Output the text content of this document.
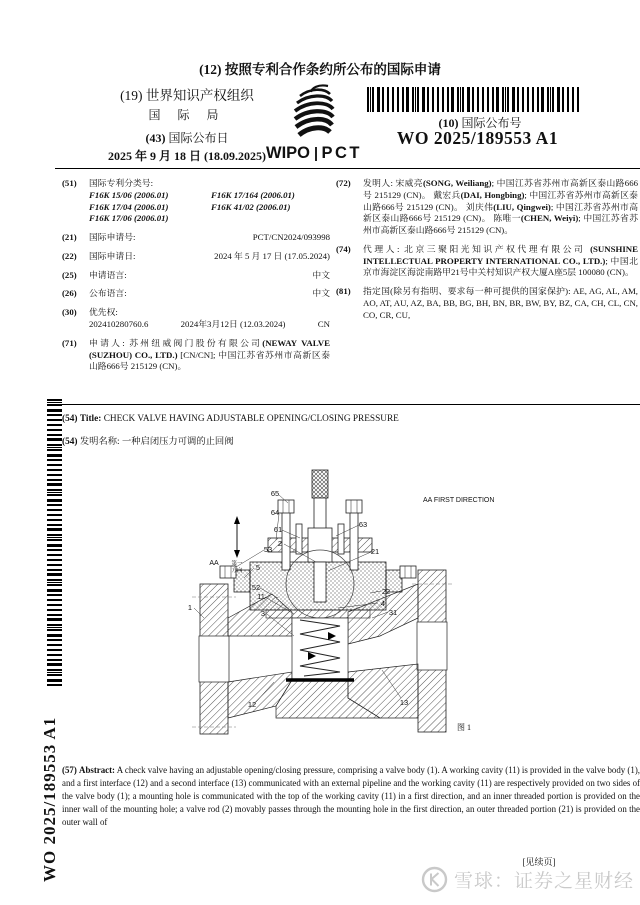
(12) 按照专利合作条约所公布的国际申请
(19) 世界知识产权组织
国 际 局
(43) 国际公布日
2025 年 9 月 18 日 (18.09.2025) WIPO PCT
(10) 国际公布号
WO 2025/189553 A1
(51)	国际专利分类号:
F16K 15/06 (2006.01)	F16K 17/164 (2006.01)
F16K 17/04 (2006.01)	F16K 41/02 (2006.01)
F16K 17/06 (2006.01)
(21)	国际申请号:	PCT/CN2024/093998
(22)	国际申请日:	2024 年 5 月 17 日 (17.05.2024)
(25)	申请语言:	中文
(26)	公布语言:	中文
(30)	优先权:
202410280760.6	2024年3月12日 (12.03.2024)	CN
(71)	申请人: 苏州纽威阀门股份有限公司(NEWAY VALVE (SUZHOU) CO., LTD.) [CN/CN]; 中国江苏省苏州市高新区泰山路666号 215129 (CN)。
(72)	发明人: 宋威亮(SONG, Weiliang); 中国江苏省苏州市高新区泰山路666号 215129 (CN)。 戴宏兵(DAI, Hongbing); 中国江苏省苏州市高新区泰山路666号 215129 (CN)。 刘庆伟(LIU, Qingwei); 中国江苏省苏州市高新区泰山路666号 215129 (CN)。 陈唯一(CHEN, Weiyi); 中国江苏省苏州市高新区泰山路666号 215129 (CN)。
(74)	代理人: 北京三聚阳光知识产权代理有限公司 (SUNSHINE INTELLECTUAL PROPERTY INTERNATIONAL CO., LTD.); 中国北京市海淀区海淀南路甲21号中关村知识产权大厦A座5层 100080 (CN)。
(81)	指定国(除另有指明、要求每一种可提供的国家保护): AE, AG, AL, AM, AO, AT, AU, AZ, BA, BB, BG, BH, BN, BR, BW, BY, BZ, CA, CH, CL, CN, CO, CR, CU,
(54) Title: CHECK VALVE HAVING ADJUSTABLE OPENING/CLOSING PRESSURE
(54) 发明名称: 一种启闭压力可调的止回阀
WO 2025/189553 A1
65
64
61
2
53
5
52
11
3
1
63
21
22
4
31
12	13
AA 第一
方向
AA FIRST DIRECTION
图 1
(57) Abstract: A check valve having an adjustable opening/closing pressure, comprising a valve body (1). A working cavity (11) is provided in the valve body (1), and a first interface (12) and a second interface (13) communicated with an external pipeline and the working cavity (11) are respectively provided on two sides of the valve body (1); a mounting hole is communicated with the top of the working cavity (11) in a first direction, and an inner threaded portion is provided on the inner wall of the mounting hole; a valve rod (2) movably passes through the mounting hole in the first direction, an outer threaded portion (21) is provided on the outer wall of
[见续页]
雪球：证券之星财经
